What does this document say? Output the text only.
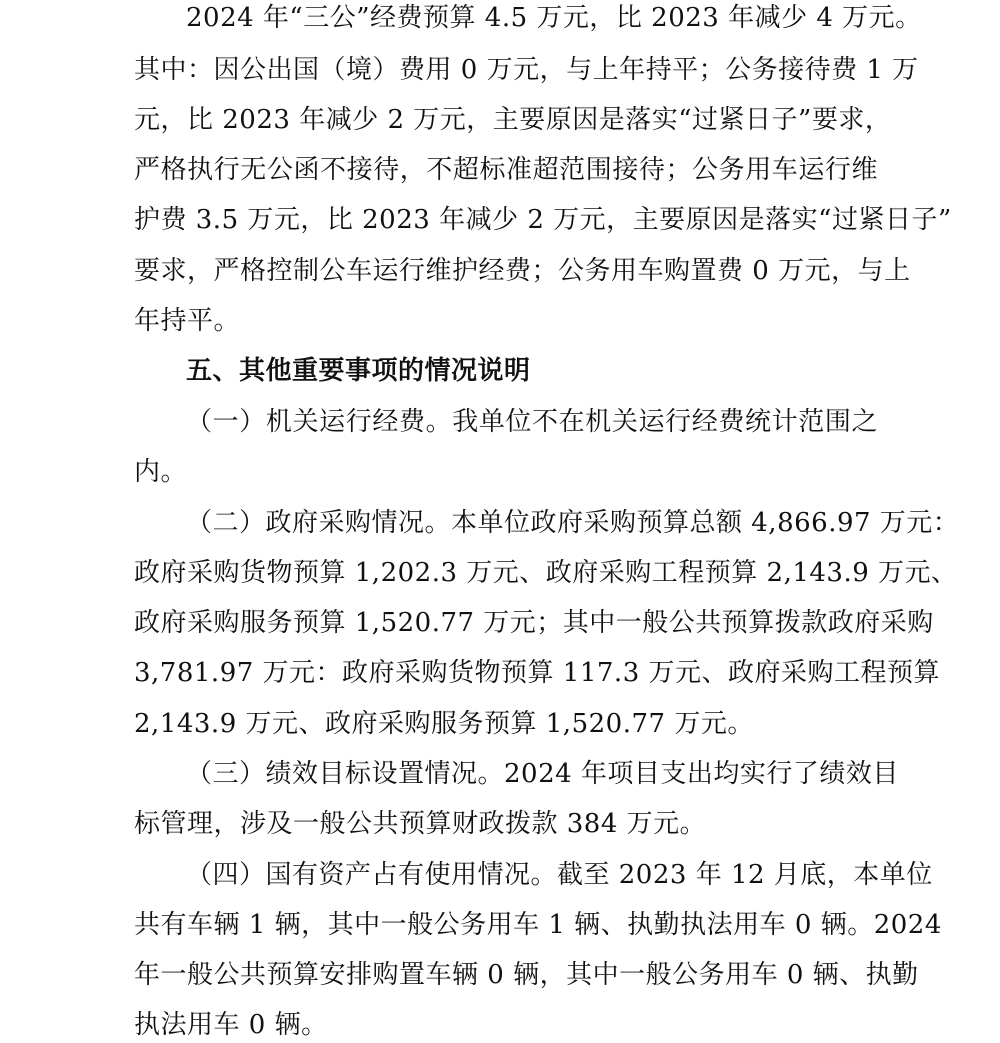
2024 年“三公”经费预算 4.5 万元，比 2023 年减少 4 万元。
其中：因公出国（境）费用 0 万元，与上年持平；公务接待费 1 万
元，比 2023 年减少 2 万元，主要原因是落实“过紧日子”要求，
严格执行无公函不接待，不超标准超范围接待；公务用车运行维
护费 3.5 万元，比 2023 年减少 2 万元，主要原因是落实“过紧日子”
要求，严格控制公车运行维护经费；公务用车购置费 0 万元，与上
年持平。
五、其他重要事项的情况说明
（一）机关运行经费。我单位不在机关运行经费统计范围之
内。
（二）政府采购情况。本单位政府采购预算总额 4,866.97 万元：
政府采购货物预算 1,202.3 万元、政府采购工程预算 2,143.9 万元、
政府采购服务预算 1,520.77 万元；其中一般公共预算拨款政府采购
3,781.97 万元：政府采购货物预算 117.3 万元、政府采购工程预算
2,143.9 万元、政府采购服务预算 1,520.77 万元。
（三）绩效目标设置情况。2024 年项目支出均实行了绩效目
标管理，涉及一般公共预算财政拨款 384 万元。
（四）国有资产占有使用情况。截至 2023 年 12 月底，本单位
共有车辆 1 辆，其中一般公务用车 1 辆、执勤执法用车 0 辆。2024
年一般公共预算安排购置车辆 0 辆，其中一般公务用车 0 辆、执勤
执法用车 0 辆。
